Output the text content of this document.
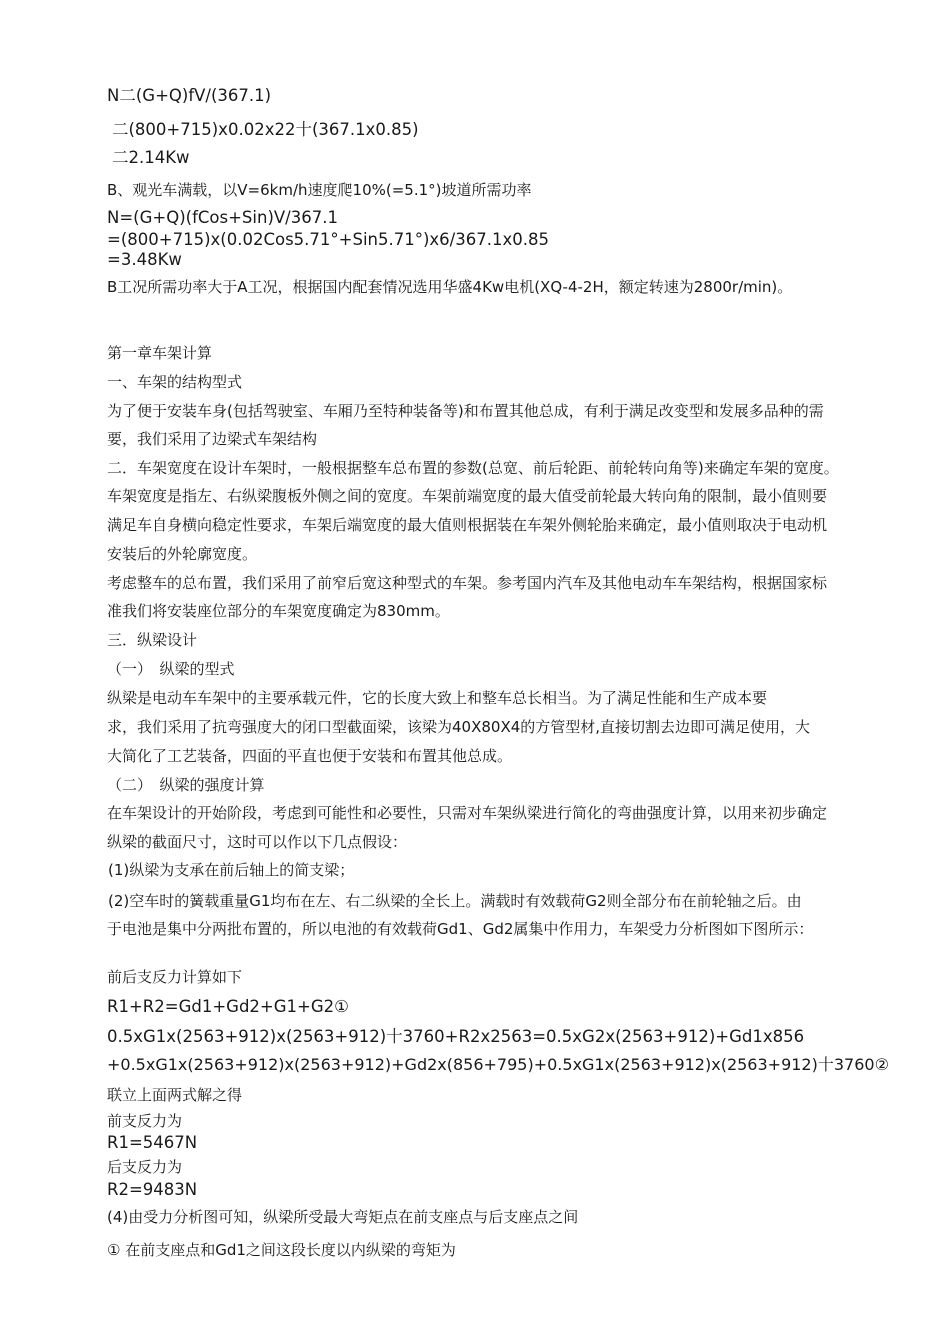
N二(G+Q)fV/(367.1)
二(800+715)x0.02x22十(367.1x0.85)
二2.14Kw
B、观光车满载，以V=6km/h速度爬10%(=5.1°)坡道所需功率
N=(G+Q)(fCos+Sin)V/367.1
=(800+715)x(0.02Cos5.71°+Sin5.71°)x6/367.1x0.85
=3.48Kw
B工况所需功率大于A工况，根据国内配套情况选用华盛4Kw电机(XQ-4-2H，额定转速为2800r/min)。
第一章车架计算
一、车架的结构型式
为了便于安装车身(包括驾驶室、车厢乃至特种装备等)和布置其他总成，有利于满足改变型和发展多品种的需
要，我们采用了边梁式车架结构
二．车架宽度在设计车架时，一般根据整车总布置的参数(总宽、前后轮距、前轮转向角等)来确定车架的宽度。
车架宽度是指左、右纵梁腹板外侧之间的宽度。车架前端宽度的最大值受前轮最大转向角的限制，最小值则要
满足车自身横向稳定性要求，车架后端宽度的最大值则根据装在车架外侧轮胎来确定，最小值则取决于电动机
安装后的外轮廓宽度。
考虑整车的总布置，我们采用了前窄后宽这种型式的车架。参考国内汽车及其他电动车车架结构，根据国家标
准我们将安装座位部分的车架宽度确定为830mm。
三．纵梁设计
（一）　纵梁的型式
纵梁是电动车车架中的主要承载元件，它的长度大致上和整车总长相当。为了满足性能和生产成本要
求，我们采用了抗弯强度大的闭口型截面梁，该梁为40X80X4的方管型材,直接切割去边即可满足使用，大
大简化了工艺装备，四面的平直也便于安装和布置其他总成。
（二）　纵梁的强度计算
在车架设计的开始阶段，考虑到可能性和必要性，只需对车架纵梁进行简化的弯曲强度计算，以用来初步确定
纵梁的截面尺寸，这时可以作以下几点假设：
(1)纵梁为支承在前后轴上的简支梁；
(2)空车时的簧载重量G1均布在左、右二纵梁的全长上。满载时有效载荷G2则全部分布在前轮轴之后。由
于电池是集中分两批布置的，所以电池的有效载荷Gd1、Gd2属集中作用力，车架受力分析图如下图所示：
前后支反力计算如下
R1+R2=Gd1+Gd2+G1+G2①
0.5xG1x(2563+912)x(2563+912)十3760+R2x2563=0.5xG2x(2563+912)+Gd1x856
+0.5xG1x(2563+912)x(2563+912)+Gd2x(856+795)+0.5xG1x(2563+912)x(2563+912)十3760②
联立上面两式解之得
前支反力为
R1=5467N
后支反力为
R2=9483N
(4)由受力分析图可知，纵梁所受最大弯矩点在前支座点与后支座点之间
① 在前支座点和Gd1之间这段长度以内纵梁的弯矩为
